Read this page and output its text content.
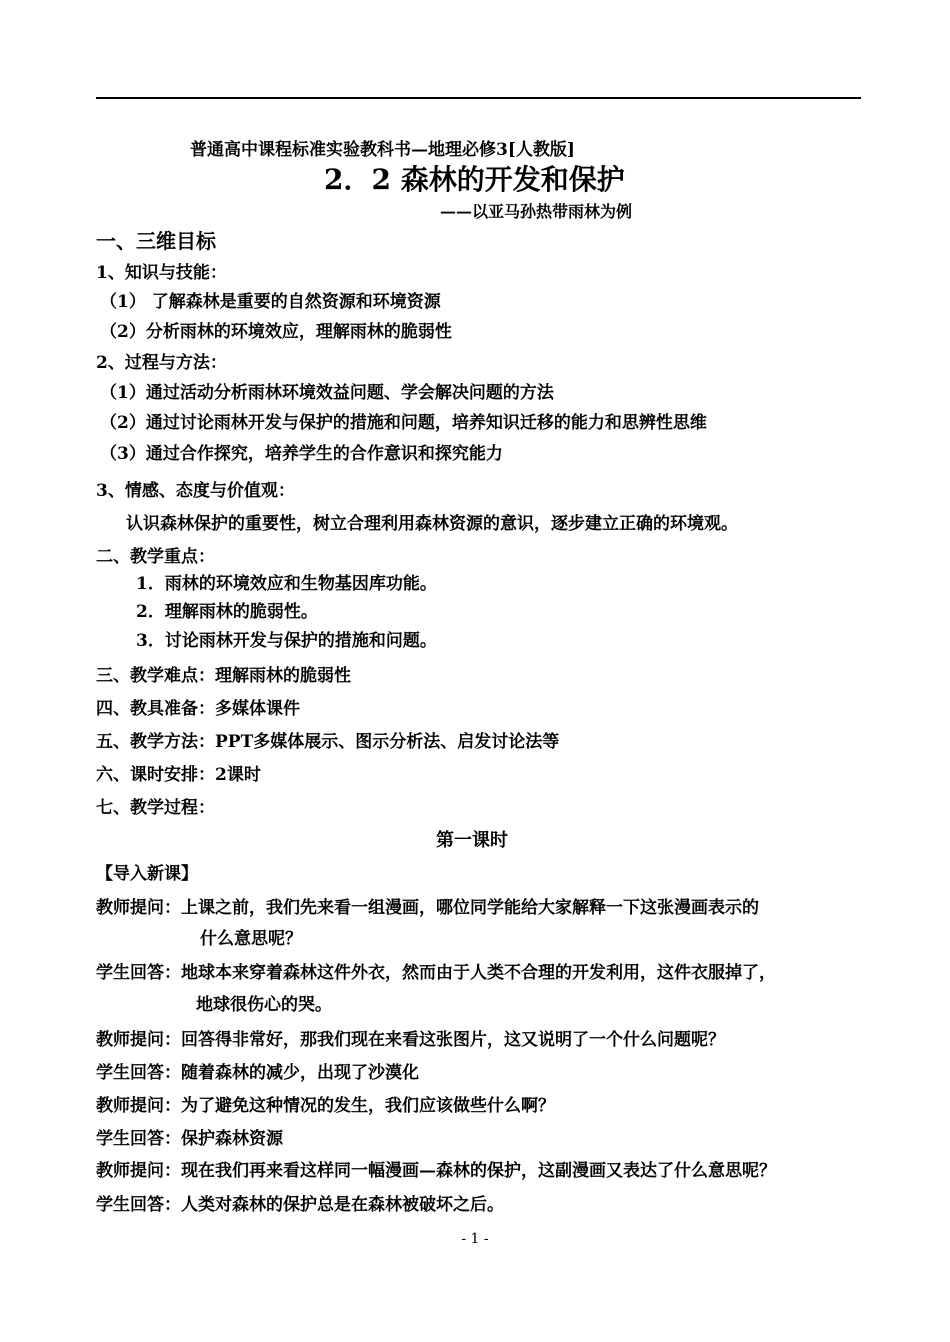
普通高中课程标准实验教科书—地理必修3[人教版]
2．2 森林的开发和保护
——以亚马孙热带雨林为例
一、三维目标
1、知识与技能：
（1） 了解森林是重要的自然资源和环境资源
（2）分析雨林的环境效应，理解雨林的脆弱性
2、过程与方法：
（1）通过活动分析雨林环境效益问题、学会解决问题的方法
（2）通过讨论雨林开发与保护的措施和问题，培养知识迁移的能力和思辨性思维
（3）通过合作探究，培养学生的合作意识和探究能力
3、情感、态度与价值观：
认识森林保护的重要性，树立合理利用森林资源的意识，逐步建立正确的环境观。
二、教学重点：
1．雨林的环境效应和生物基因库功能。
2．理解雨林的脆弱性。
3．讨论雨林开发与保护的措施和问题。
三、教学难点：理解雨林的脆弱性
四、教具准备：多媒体课件
五、教学方法：PPT多媒体展示、图示分析法、启发讨论法等
六、课时安排：2课时
七、教学过程：
第一课时
【导入新课】
教师提问：上课之前，我们先来看一组漫画，哪位同学能给大家解释一下这张漫画表示的
什么意思呢？
学生回答：地球本来穿着森林这件外衣，然而由于人类不合理的开发利用，这件衣服掉了，
地球很伤心的哭。
教师提问：回答得非常好，那我们现在来看这张图片，这又说明了一个什么问题呢？
学生回答：随着森林的减少，出现了沙漠化
教师提问：为了避免这种情况的发生，我们应该做些什么啊？
学生回答：保护森林资源
教师提问：现在我们再来看这样同一幅漫画—森林的保护，这副漫画又表达了什么意思呢？
学生回答：人类对森林的保护总是在森林被破坏之后。
- 1 -
